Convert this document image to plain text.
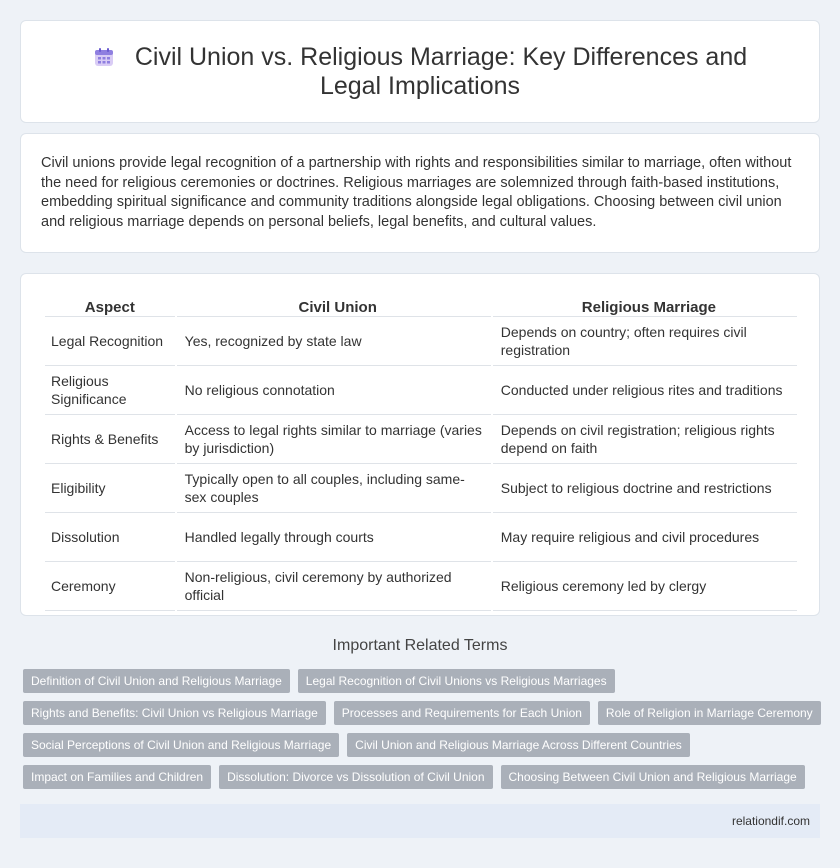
Civil Union vs. Religious Marriage: Key Differences and Legal Implications

Civil unions provide legal recognition of a partnership with rights and responsibilities similar to marriage, often without the need for religious ceremonies or doctrines. Religious marriages are solemnized through faith-based institutions, embedding spiritual significance and community traditions alongside legal obligations. Choosing between civil union and religious marriage depends on personal beliefs, legal benefits, and cultural values.

Aspect	Civil Union	Religious Marriage
Legal Recognition	Yes, recognized by state law	Depends on country; often requires civil registration
Religious Significance	No religious connotation	Conducted under religious rites and traditions
Rights & Benefits	Access to legal rights similar to marriage (varies by jurisdiction)	Depends on civil registration; religious rights depend on faith
Eligibility	Typically open to all couples, including same-sex couples	Subject to religious doctrine and restrictions
Dissolution	Handled legally through courts	May require religious and civil procedures
Ceremony	Non-religious, civil ceremony by authorized official	Religious ceremony led by clergy
Important Related Terms
Definition of Civil Union and Religious Marriage	Legal Recognition of Civil Unions vs Religious Marriages
Rights and Benefits: Civil Union vs Religious Marriage	Processes and Requirements for Each Union	Role of Religion in Marriage Ceremony
Social Perceptions of Civil Union and Religious Marriage	Civil Union and Religious Marriage Across Different Countries
Impact on Families and Children	Dissolution: Divorce vs Dissolution of Civil Union	Choosing Between Civil Union and Religious Marriage
relationdif.com
